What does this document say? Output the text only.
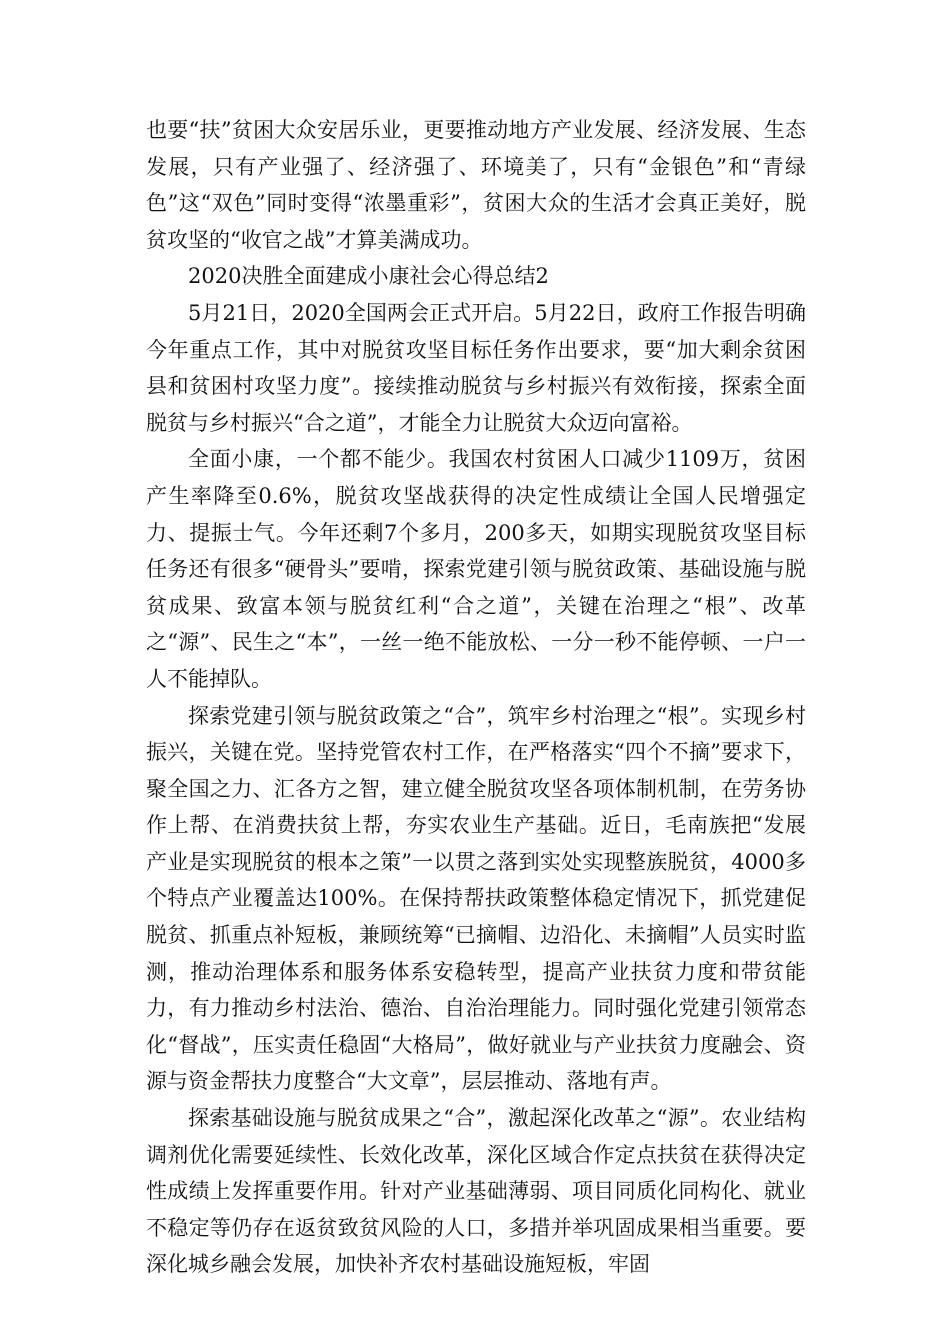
也要“扶”贫困大众安居乐业，更要推动地方产业发展、经济发展、生态发展，只有产业强了、经济强了、环境美了，只有“金银色”和“青绿色”这“双色”同时变得“浓墨重彩”，贫困大众的生活才会真正美好，脱贫攻坚的“收官之战”才算美满成功。

2020决胜全面建成小康社会心得总结2

5月21日，2020全国两会正式开启。5月22日，政府工作报告明确今年重点工作，其中对脱贫攻坚目标任务作出要求，要“加大剩余贫困县和贫困村攻坚力度”。接续推动脱贫与乡村振兴有效衔接，探索全面脱贫与乡村振兴“合之道”，才能全力让脱贫大众迈向富裕。

全面小康，一个都不能少。我国农村贫困人口减少1109万，贫困产生率降至0.6%，脱贫攻坚战获得的决定性成绩让全国人民增强定力、提振士气。今年还剩7个多月，200多天，如期实现脱贫攻坚目标任务还有很多“硬骨头”要啃，探索党建引领与脱贫政策、基础设施与脱贫成果、致富本领与脱贫红利“合之道”，关键在治理之“根”、改革之“源”、民生之“本”，一丝一绝不能放松、一分一秒不能停顿、一户一人不能掉队。

探索党建引领与脱贫政策之“合”，筑牢乡村治理之“根”。实现乡村振兴，关键在党。坚持党管农村工作，在严格落实“四个不摘”要求下，聚全国之力、汇各方之智，建立健全脱贫攻坚各项体制机制，在劳务协作上帮、在消费扶贫上帮，夯实农业生产基础。近日，毛南族把“发展产业是实现脱贫的根本之策”一以贯之落到实处实现整族脱贫，4000多个特点产业覆盖达100%。在保持帮扶政策整体稳定情况下，抓党建促脱贫、抓重点补短板，兼顾统筹“已摘帽、边沿化、未摘帽”人员实时监测，推动治理体系和服务体系安稳转型，提高产业扶贫力度和带贫能力，有力推动乡村法治、德治、自治治理能力。同时强化党建引领常态化“督战”，压实责任稳固“大格局”，做好就业与产业扶贫力度融会、资源与资金帮扶力度整合“大文章”，层层推动、落地有声。

探索基础设施与脱贫成果之“合”，激起深化改革之“源”。农业结构调剂优化需要延续性、长效化改革，深化区域合作定点扶贫在获得决定性成绩上发挥重要作用。针对产业基础薄弱、项目同质化同构化、就业不稳定等仍存在返贫致贫风险的人口，多措并举巩固成果相当重要。要深化城乡融会发展，加快补齐农村基础设施短板，牢固
